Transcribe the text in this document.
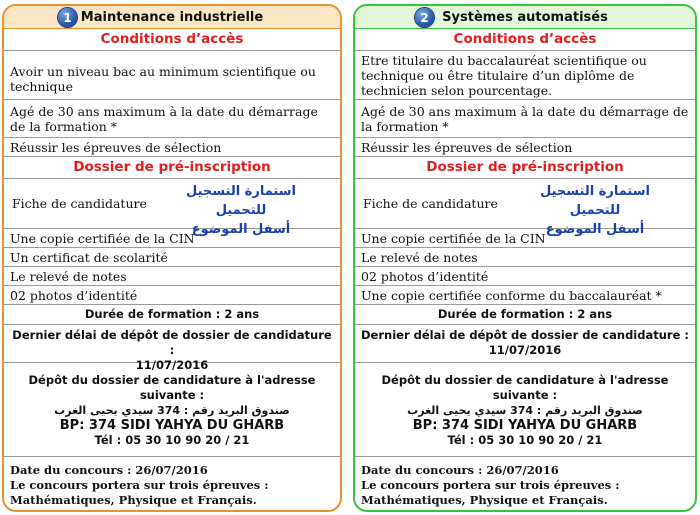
1 Maintenance industrielle
Conditions d’accès
Avoir un niveau bac au minimum scientifique ou technique
Agé de 30 ans maximum à la date du démarrage de la formation *
Réussir les épreuves de sélection
Dossier de pré-inscription
Fiche de candidature
استمارة التسجيل للتحميل
أسفل الموضوع
Une copie certifiée de la CIN
Un certificat de scolarité
Le relevé de notes
02 photos d’identité
Durée de formation : 2 ans
Dernier délai de dépôt de dossier de candidature :
11/07/2016
Dépôt du dossier de candidature à l'adresse suivante :
صندوق البريد رقم : 374 سيدي يحيى الغرب
BP: 374 SIDI YAHYA DU GHARB
Tél : 05 30 10 90 20 / 21
Date du concours : 26/07/2016
Le concours portera sur trois épreuves :
Mathématiques, Physique et Français.
2	Systèmes automatisés
Conditions d’accès
Etre titulaire du baccalauréat scientifique ou technique ou être titulaire d’un diplôme de technicien selon pourcentage.
Agé de 30 ans maximum à la date du démarrage de la formation *
Réussir les épreuves de sélection
Dossier de pré-inscription
Fiche de candidature
استمارة التسجيل للتحميل
أسفل الموضوع
Une copie certifiée de la CIN
Le relevé de notes
02 photos d’identité
Une copie certifiée conforme du baccalauréat *
Durée de formation : 2 ans
Dernier délai de dépôt de dossier de candidature :
11/07/2016
Dépôt du dossier de candidature à l'adresse suivante :
صندوق البريد رقم : 374 سيدي يحيى الغرب
BP: 374 SIDI YAHYA DU GHARB
Tél : 05 30 10 90 20 / 21
Date du concours : 26/07/2016
Le concours portera sur trois épreuves :
Mathématiques, Physique et Français.
